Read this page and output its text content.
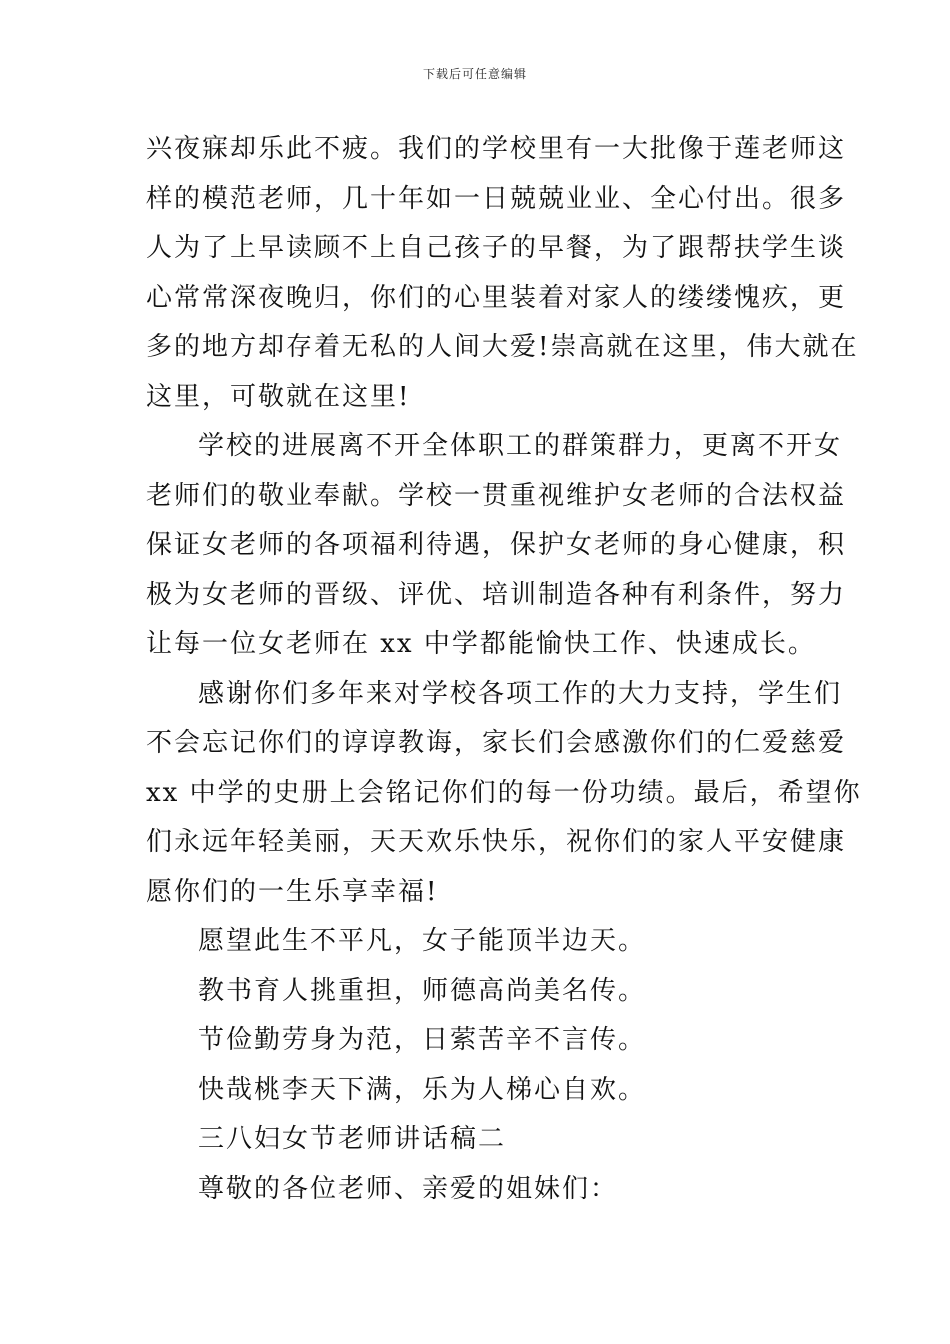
下载后可任意编辑
兴夜寐却乐此不疲。我们的学校里有一大批像于莲老师这
样的模范老师，几十年如一日兢兢业业、全心付出。很多
人为了上早读顾不上自己孩子的早餐，为了跟帮扶学生谈
心常常深夜晚归，你们的心里装着对家人的缕缕愧疚，更
多的地方却存着无私的人间大爱!崇高就在这里，伟大就在
这里，可敬就在这里!
学校的进展离不开全体职工的群策群力，更离不开女
老师们的敬业奉献。学校一贯重视维护女老师的合法权益
保证女老师的各项福利待遇，保护女老师的身心健康，积
极为女老师的晋级、评优、培训制造各种有利条件，努力
让每一位女老师在 xx 中学都能愉快工作、快速成长。
感谢你们多年来对学校各项工作的大力支持，学生们
不会忘记你们的谆谆教诲，家长们会感激你们的仁爱慈爱
xx 中学的史册上会铭记你们的每一份功绩。最后，希望你
们永远年轻美丽，天天欢乐快乐，祝你们的家人平安健康
愿你们的一生乐享幸福!

愿望此生不平凡，女子能顶半边天。

教书育人挑重担，师德高尚美名传。

节俭勤劳身为范，日萦苦辛不言传。

快哉桃李天下满，乐为人梯心自欢。

三八妇女节老师讲话稿二

尊敬的各位老师、亲爱的姐妹们：
